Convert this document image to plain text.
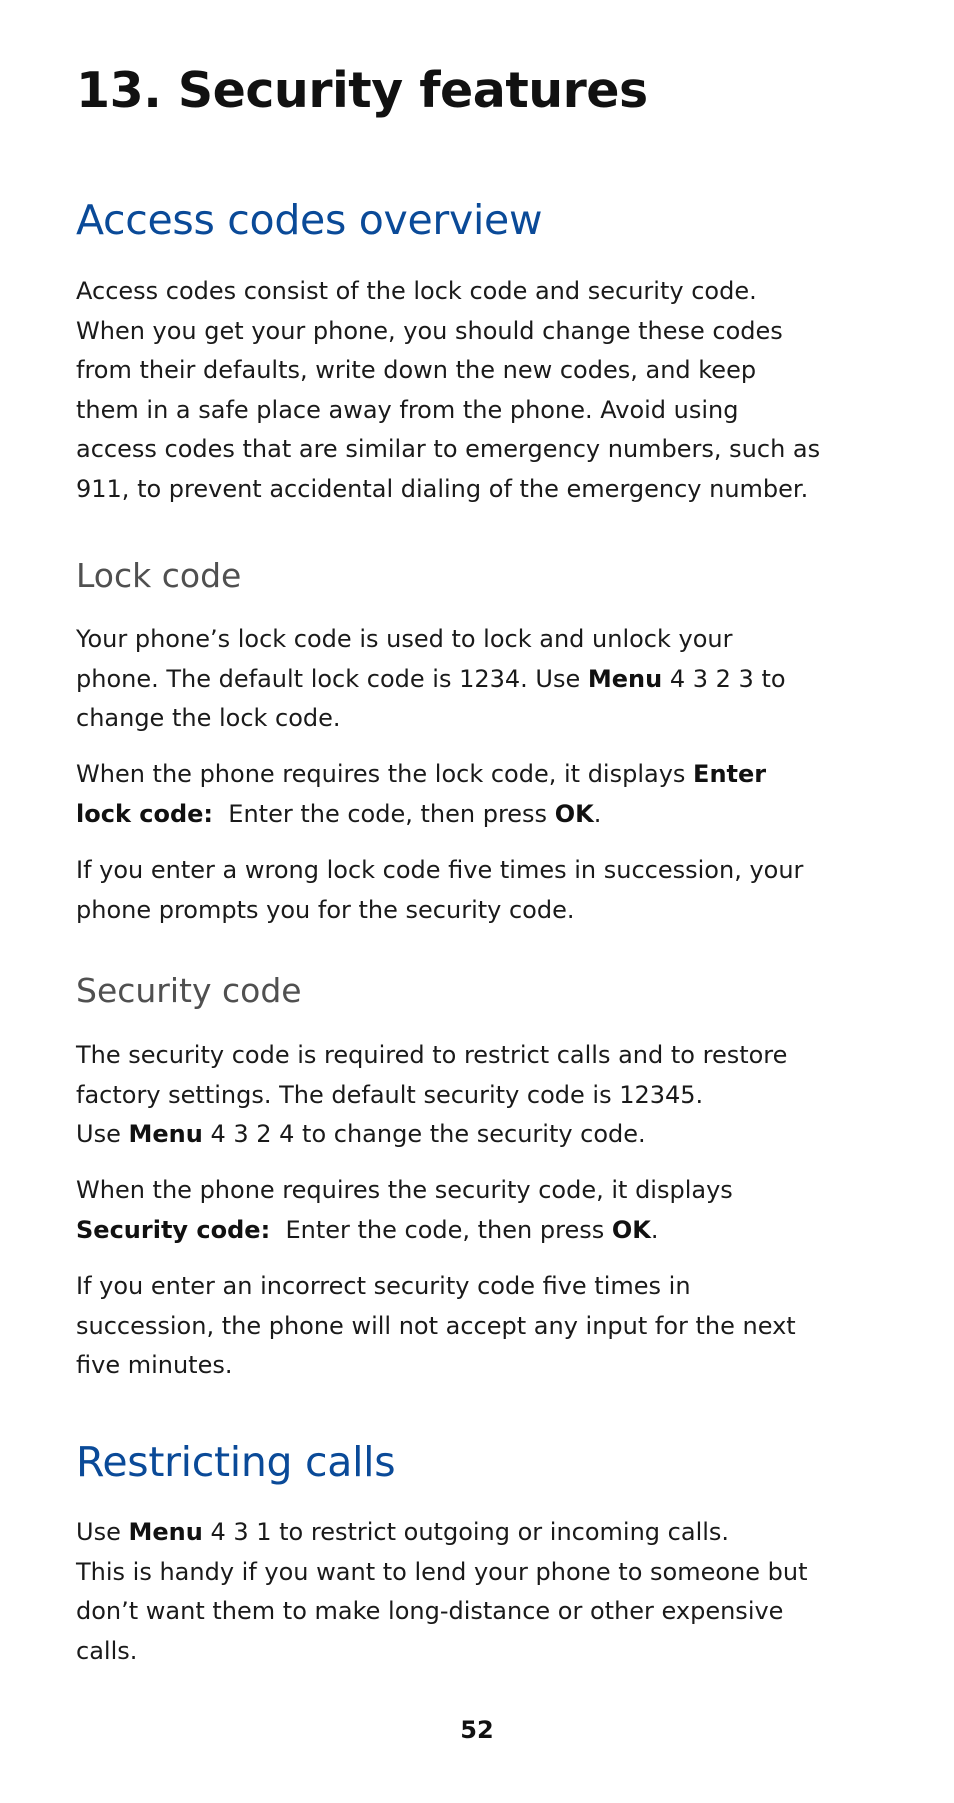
13. Security features
Access codes overview

Access codes consist of the lock code and security code.
When you get your phone, you should change these codes
from their defaults, write down the new codes, and keep
them in a safe place away from the phone. Avoid using
access codes that are similar to emergency numbers, such as
911, to prevent accidental dialing of the emergency number.

Lock code

Your phone’s lock code is used to lock and unlock your
phone. The default lock code is 1234. Use Menu 4 3 2 3 to
change the lock code.

When the phone requires the lock code, it displays Enter
lock code:  Enter the code, then press OK.

If you enter a wrong lock code five times in succession, your
phone prompts you for the security code.

Security code

The security code is required to restrict calls and to restore
factory settings. The default security code is 12345.
Use Menu 4 3 2 4 to change the security code.

When the phone requires the security code, it displays
Security code:  Enter the code, then press OK.

If you enter an incorrect security code five times in
succession, the phone will not accept any input for the next
five minutes.

Restricting calls

Use Menu 4 3 1 to restrict outgoing or incoming calls.
This is handy if you want to lend your phone to someone but
don’t want them to make long-distance or other expensive
calls.

52
